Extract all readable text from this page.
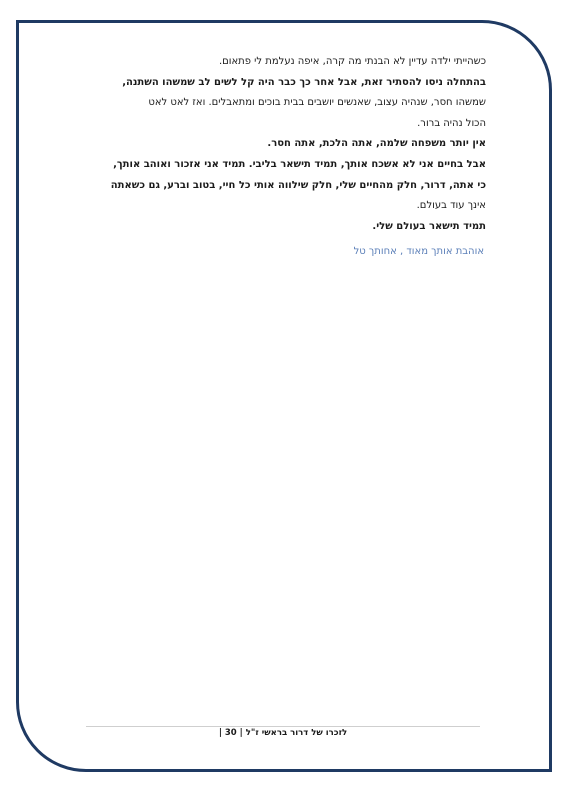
כשהייתי ילדה עדיין לא הבנתי מה קרה, איפה נעלמת לי פתאום.

בהתחלה ניסו להסתיר זאת, אבל אחר כך כבר היה קל לשים לב שמשהו השתנה,

שמשהו חסר, שנהיה עצוב, שאנשים יושבים בבית בוכים ומתאבלים. ואז לאט לאט

הכול נהיה ברור.

אין יותר משפחה שלמה, אתה הלכת, אתה חסר.

אבל בחיים אני לא אשכח אותך, תמיד תישאר בליבי. תמיד אני אזכור ואוהב אותך,

כי אתה, דרור, חלק מהחיים שלי, חלק שילווה אותי כל חיי, בטוב וברע, גם כשאתה

אינך עוד בעולם.

תמיד תישאר בעולם שלי.

אוהבת אותך מאוד , אחותך טל
| 30 | לזכרו של דרור בראשי ז"ל
